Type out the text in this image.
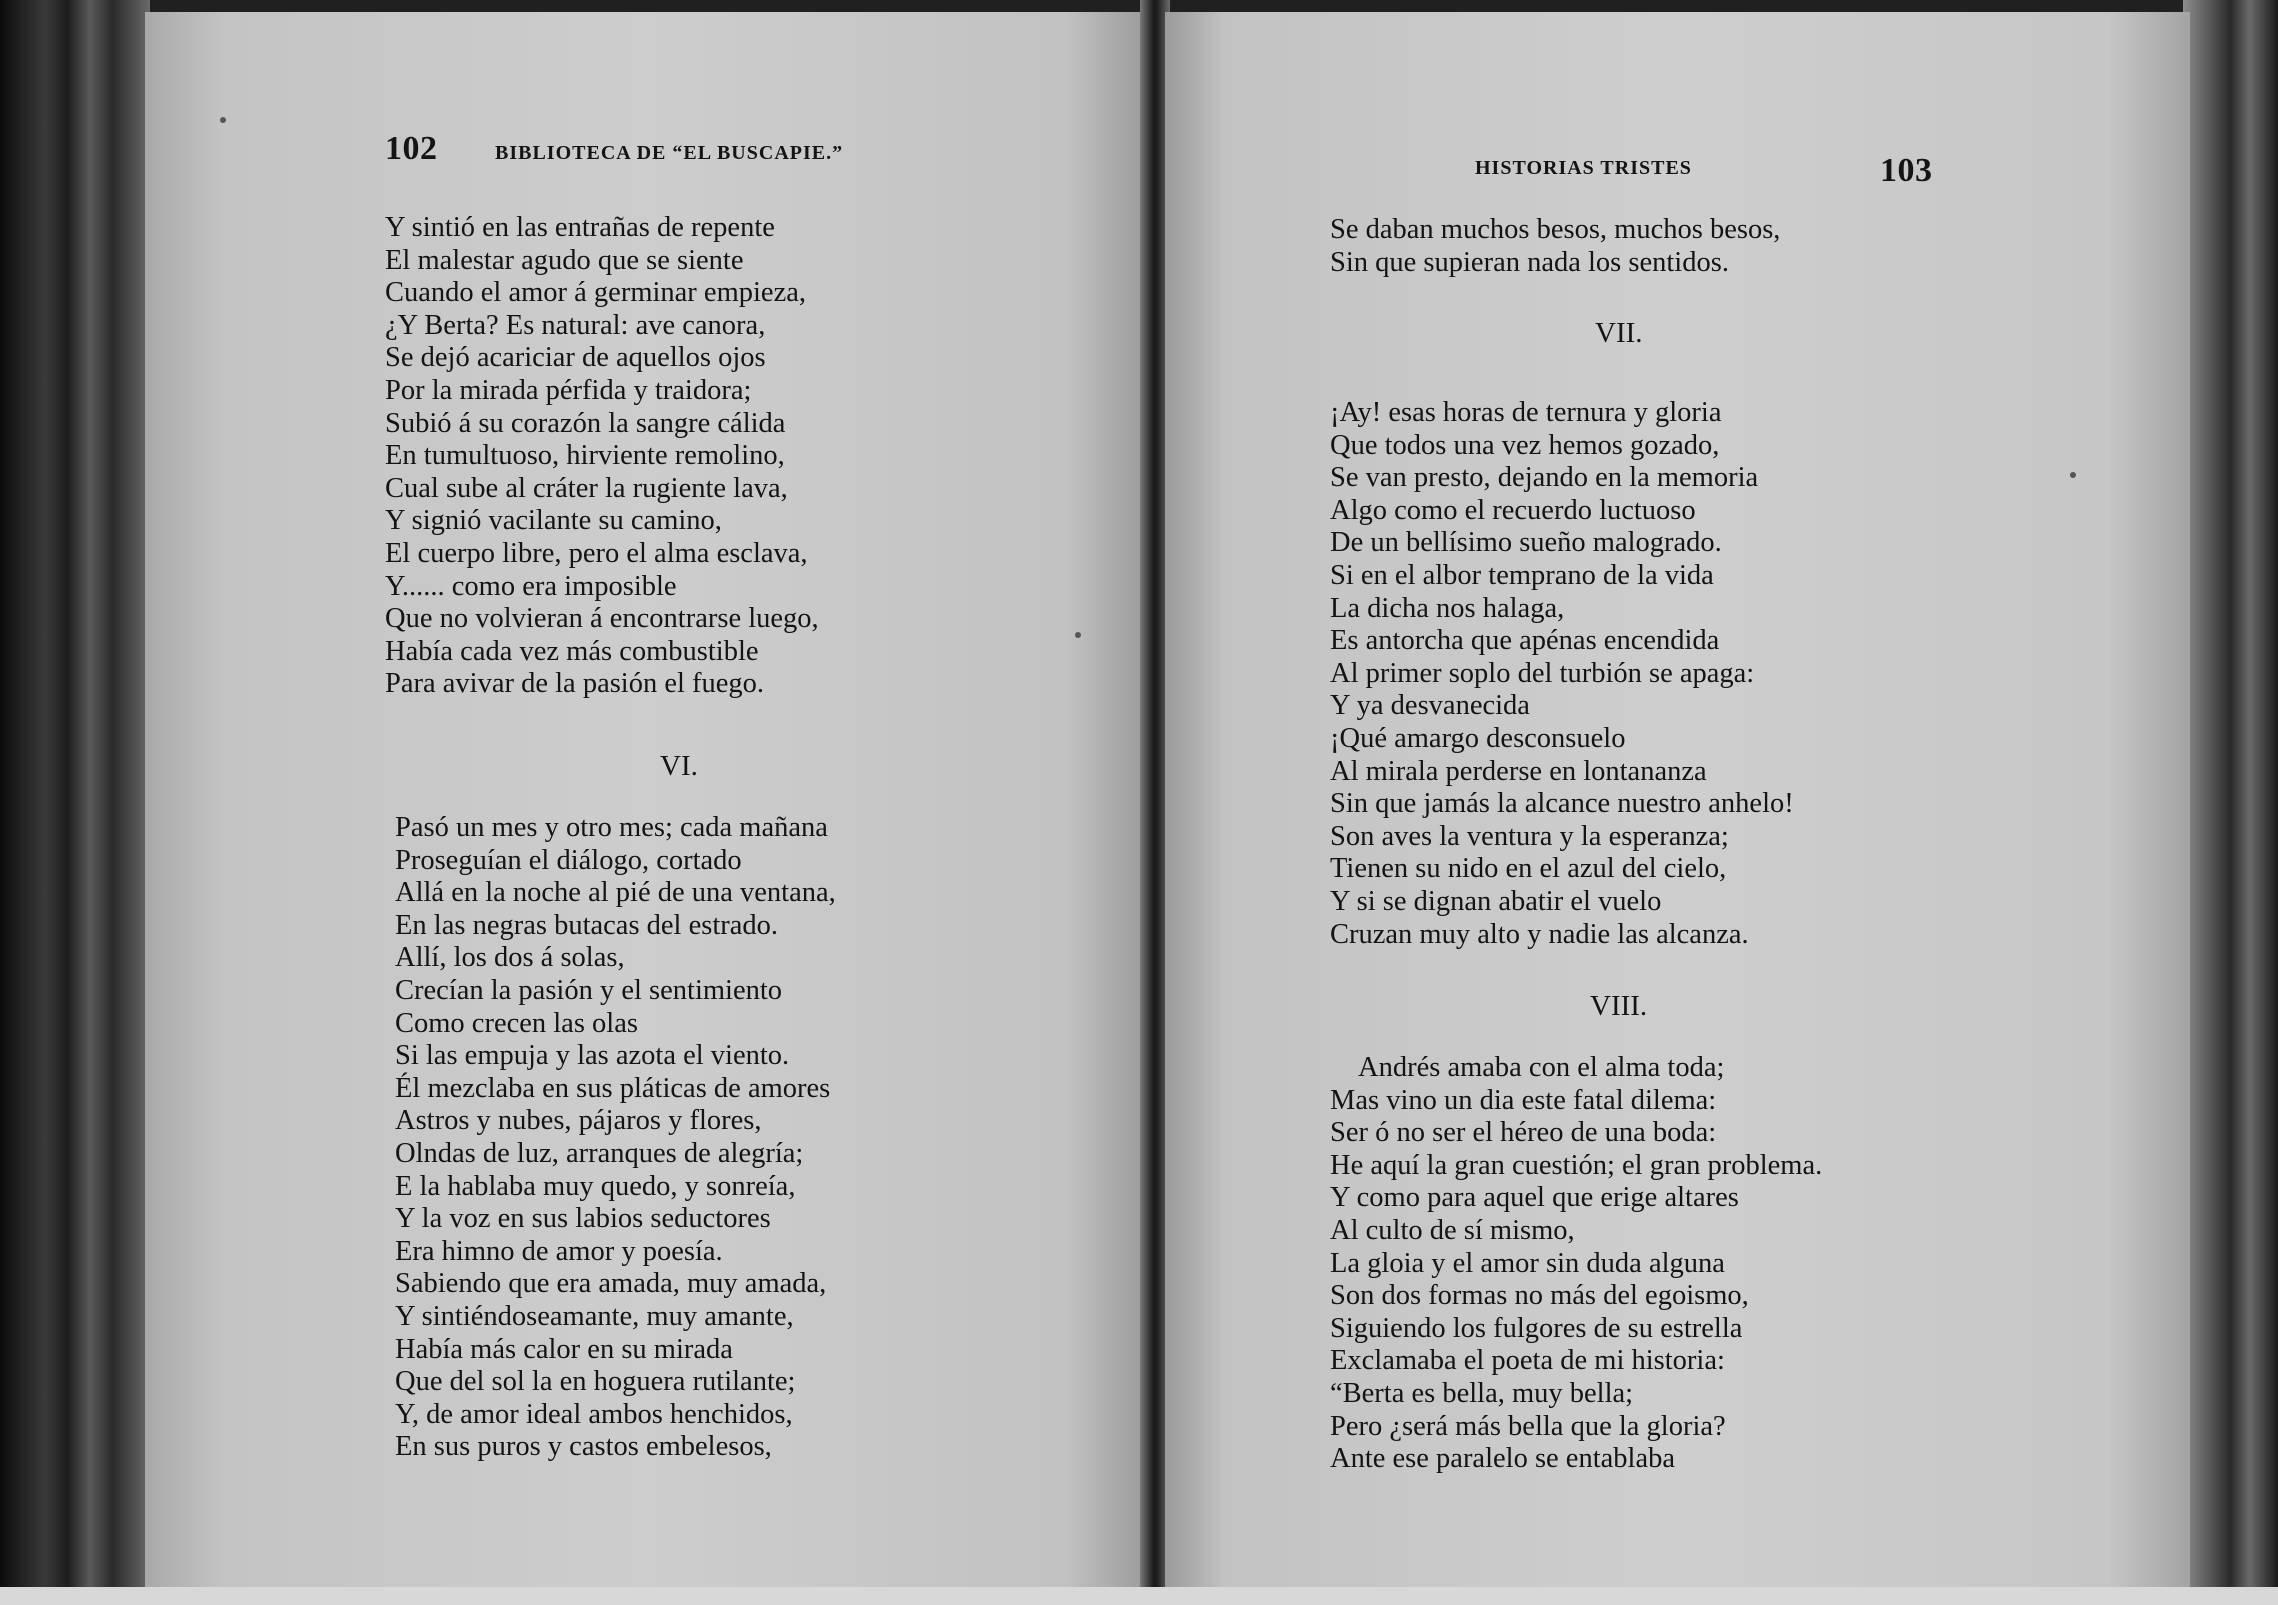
102	BIBLIOTECA DE “EL BUSCAPIE.”
Y sintió en las entrañas de repente
El malestar agudo que se siente
Cuando el amor á germinar empieza,
¿Y Berta? Es natural: ave canora,
Se dejó acariciar de aquellos ojos
Por la mirada pérfida y traidora;
Subió á su corazón la sangre cálida
En tumultuoso, hirviente remolino,
Cual sube al cráter la rugiente lava,
Y signió vacilante su camino,
El cuerpo libre, pero el alma esclava,
Y...... como era imposible
Que no volvieran á encontrarse luego,
Había cada vez más combustible
Para avivar de la pasión el fuego.
VI.
Pasó un mes y otro mes; cada mañana
Proseguían el diálogo, cortado
Allá en la noche al pié de una ventana,
En las negras butacas del estrado.
Allí, los dos á solas,
Crecían la pasión y el sentimiento
Como crecen las olas
Si las empuja y las azota el viento.
Él mezclaba en sus pláticas de amores
Astros y nubes, pájaros y flores,
Olndas de luz, arranques de alegría;
E la hablaba muy quedo, y sonreía,
Y la voz en sus labios seductores
Era himno de amor y poesía.
Sabiendo que era amada, muy amada,
Y sintiéndoseamante, muy amante,
Había más calor en su mirada
Que del sol la en hoguera rutilante;
Y, de amor ideal ambos henchidos,
En sus puros y castos embelesos,
HISTORIAS TRISTES	103
Se daban muchos besos, muchos besos,
Sin que supieran nada los sentidos.
VII.
¡Ay! esas horas de ternura y gloria
Que todos una vez hemos gozado,
Se van presto, dejando en la memoria
Algo como el recuerdo luctuoso
De un bellísimo sueño malogrado.
Si en el albor temprano de la vida
La dicha nos halaga,
Es antorcha que apénas encendida
Al primer soplo del turbión se apaga:
Y ya desvanecida
¡Qué amargo desconsuelo
Al mirala perderse en lontananza
Sin que jamás la alcance nuestro anhelo!
Son aves la ventura y la esperanza;
Tienen su nido en el azul del cielo,
Y si se dignan abatir el vuelo
Cruzan muy alto y nadie las alcanza.
VIII.
Andrés amaba con el alma toda;
Mas vino un dia este fatal dilema:
Ser ó no ser el héreo de una boda:
He aquí la gran cuestión; el gran problema.
Y como para aquel que erige altares
Al culto de sí mismo,
La gloia y el amor sin duda alguna
Son dos formas no más del egoismo,
Siguiendo los fulgores de su estrella
Exclamaba el poeta de mi historia:
“Berta es bella, muy bella;
Pero ¿será más bella que la gloria?
Ante ese paralelo se entablaba
